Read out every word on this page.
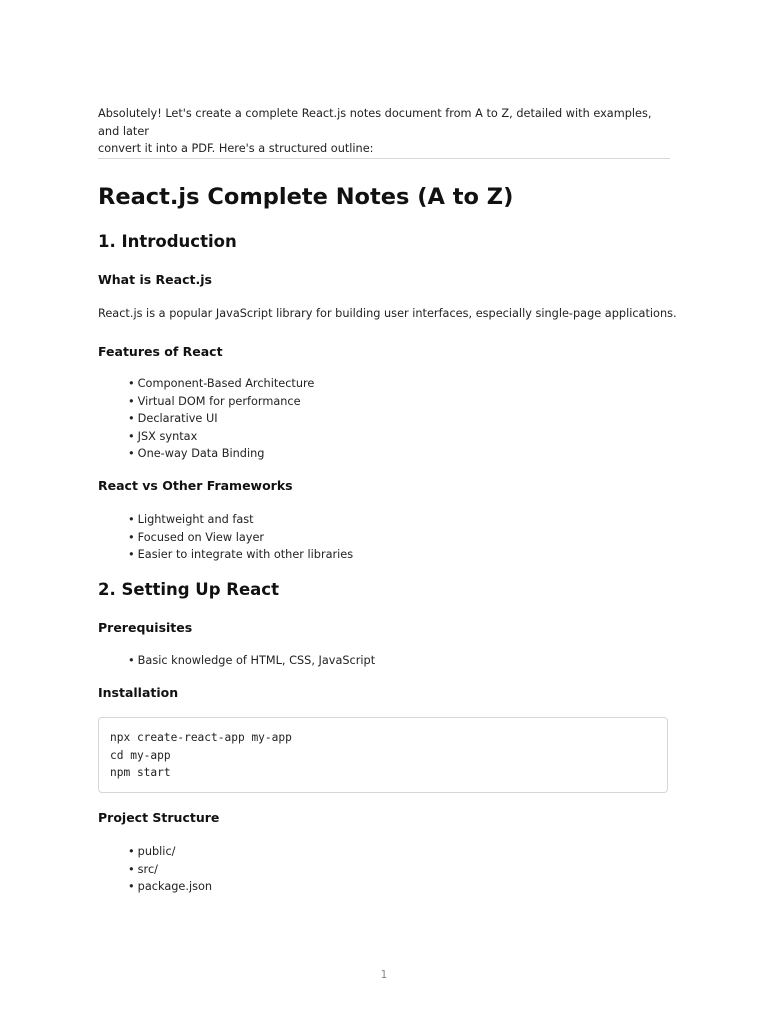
Absolutely! Let's create a complete React.js notes document from A to Z, detailed with examples, and later
convert it into a PDF. Here's a structured outline:
React.js Complete Notes (A to Z)
1. Introduction
What is React.js
React.js is a popular JavaScript library for building user interfaces, especially single-page applications.
Features of React
• Component-Based Architecture
• Virtual DOM for performance
• Declarative UI
• JSX syntax
• One-way Data Binding
React vs Other Frameworks
• Lightweight and fast
• Focused on View layer
• Easier to integrate with other libraries
2. Setting Up React
Prerequisites
• Basic knowledge of HTML, CSS, JavaScript
Installation
npx create-react-app my-app
cd my-app
npm start
Project Structure
• public/
• src/
• package.json
1
